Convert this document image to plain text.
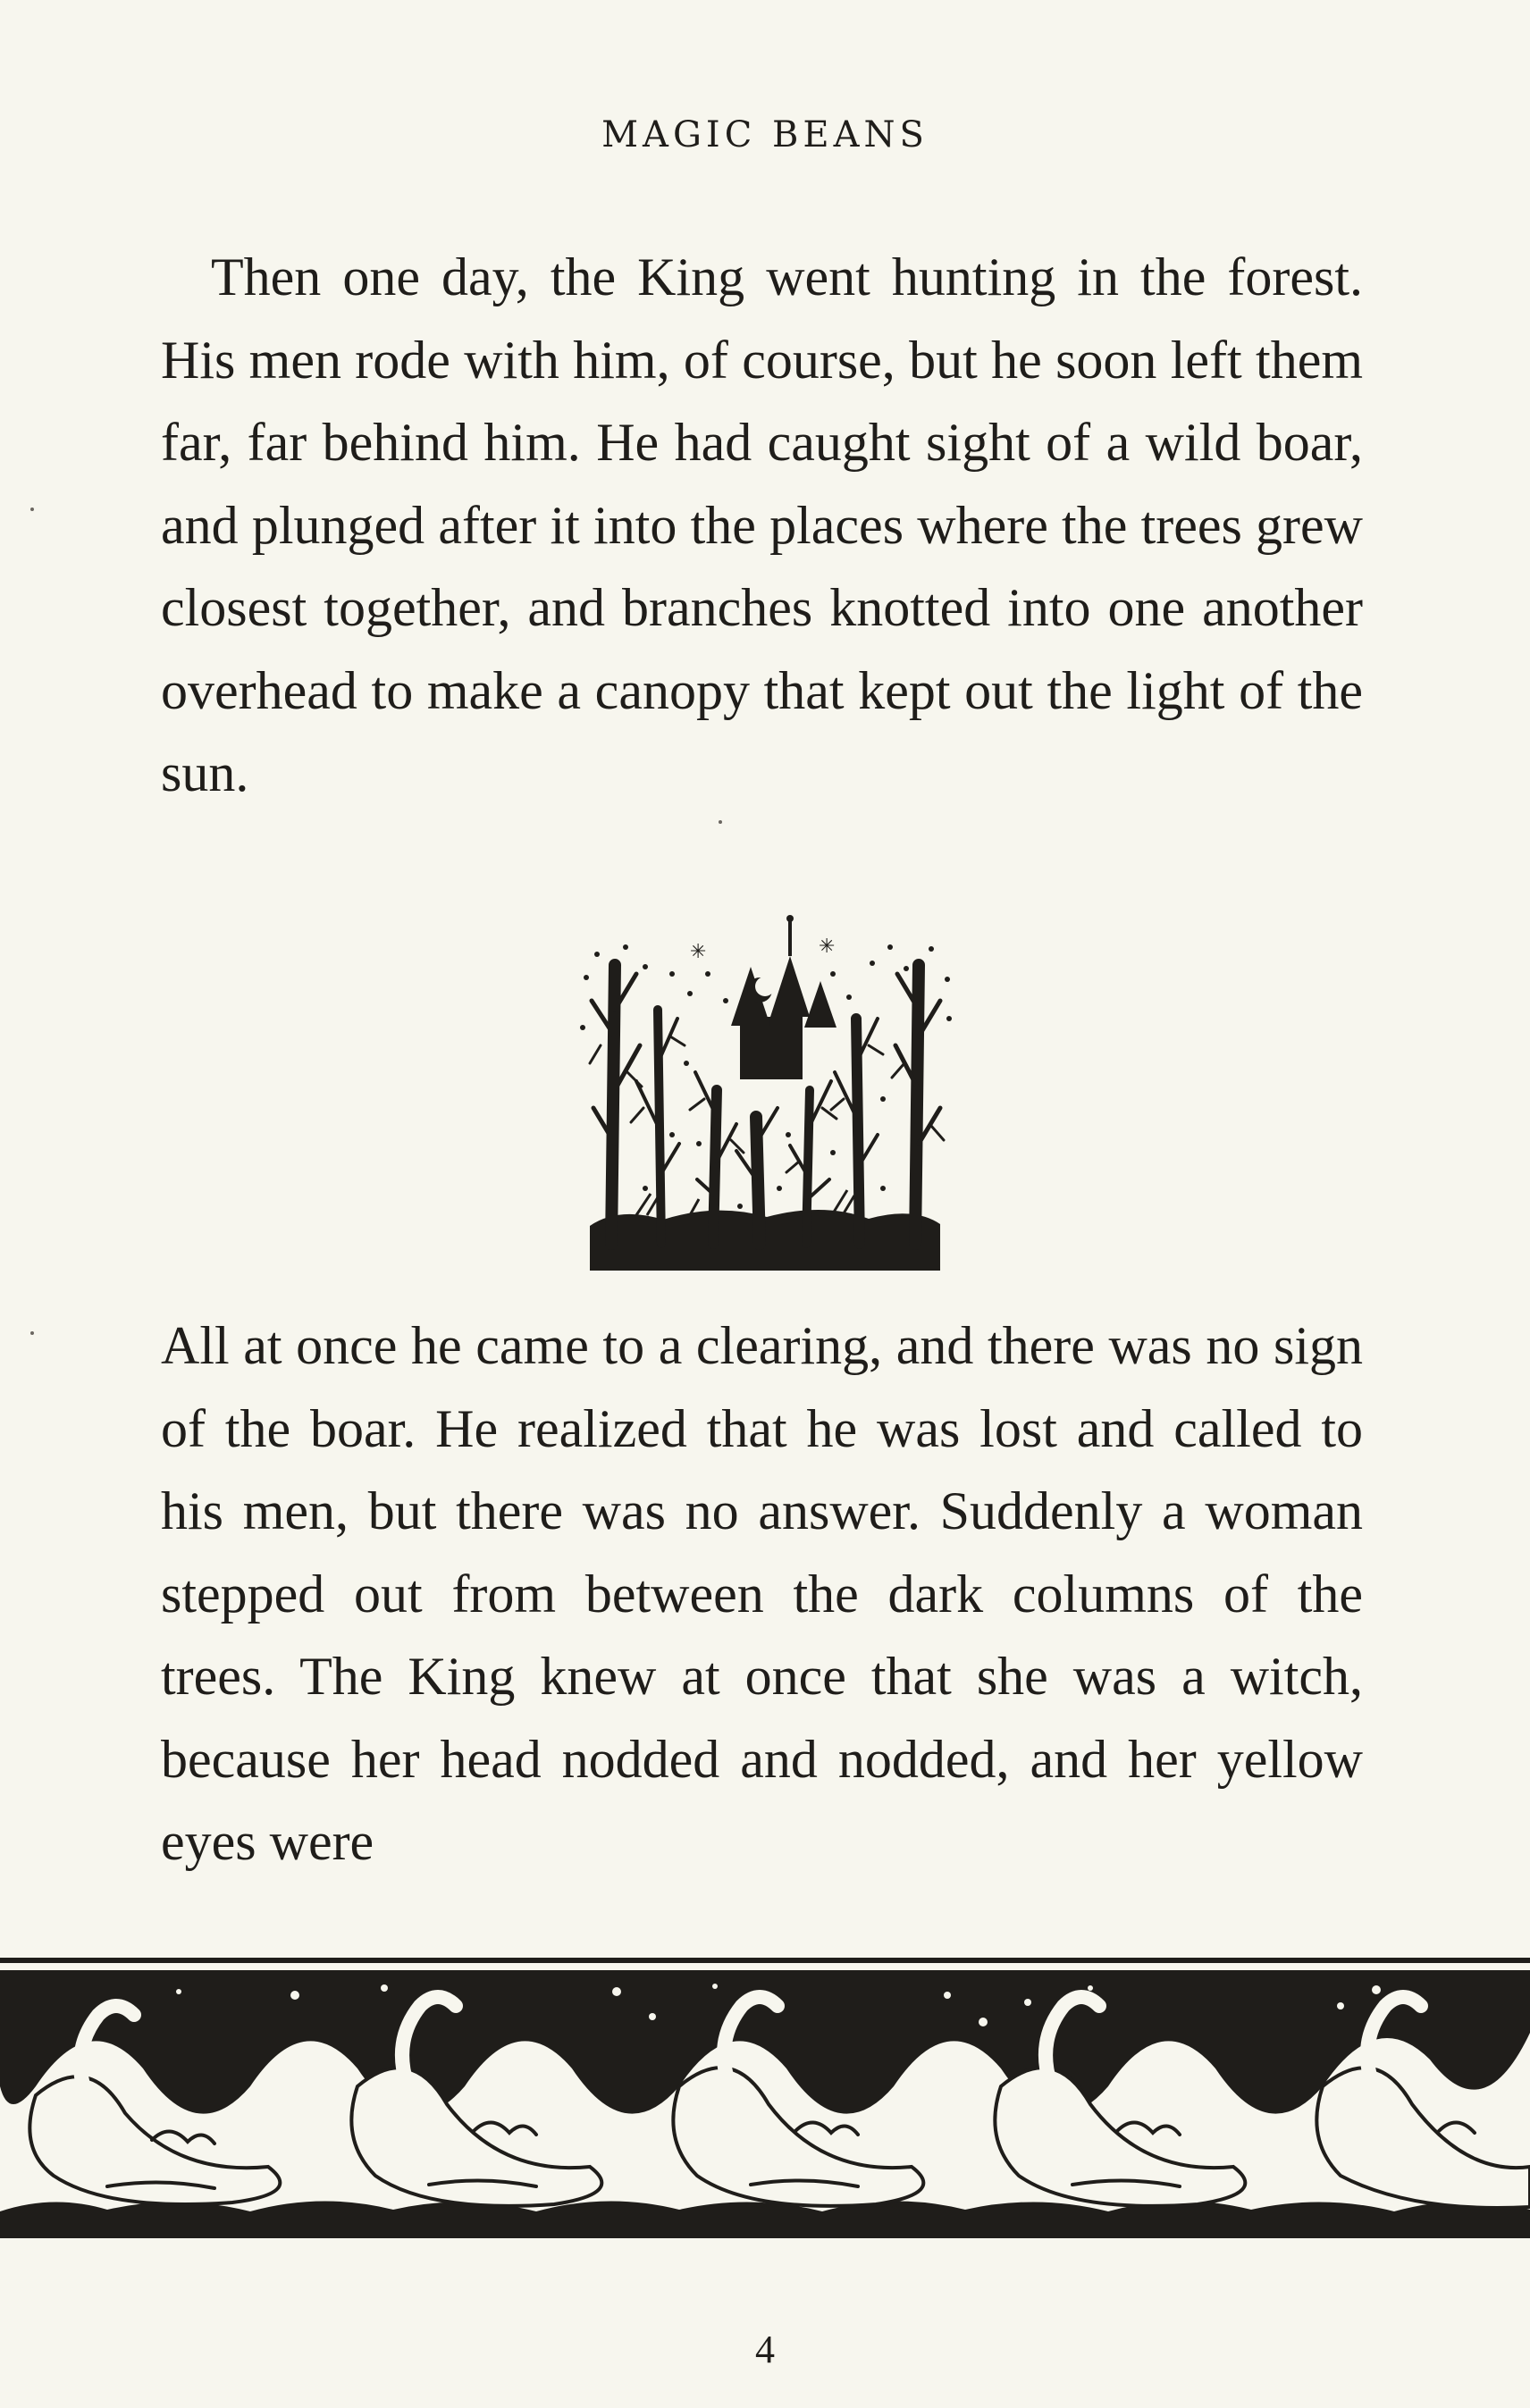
MAGIC BEANS

Then one day, the King went hunting in the forest. His men rode with him, of course, but he soon left them far, far behind him. He had caught sight of a wild boar, and plunged after it into the places where the trees grew closest together, and branches knotted into one another overhead to make a canopy that kept out the light of the sun.

✳	✳

All at once he came to a clearing, and there was no sign of the boar. He realized that he was lost and called to his men, but there was no answer. Suddenly a woman stepped out from between the dark columns of the trees. The King knew at once that she was a witch, because her head nodded and nodded, and her yellow eyes were

4
